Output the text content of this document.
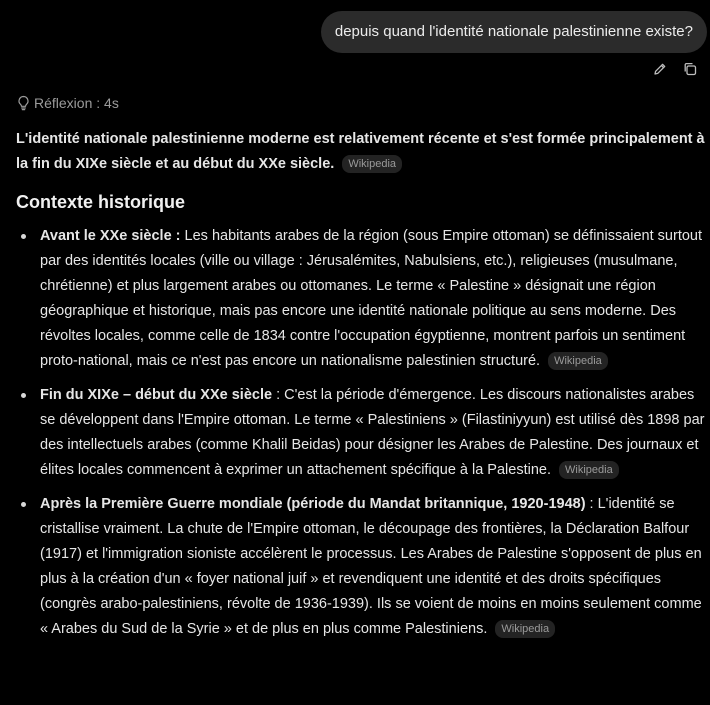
depuis quand l'identité nationale palestinienne existe?
Réflexion : 4s

L'identité nationale palestinienne moderne est relativement récente et s'est formée principalement à la fin du XIXe siècle et au début du XXe siècle. Wikipedia

Contexte historique
Avant le XXe siècle : Les habitants arabes de la région (sous Empire ottoman) se définissaient surtout par des identités locales (ville ou village : Jérusalémites, Nabulsiens, etc.), religieuses (musulmane, chrétienne) et plus largement arabes ou ottomanes. Le terme « Palestine » désignait une région géographique et historique, mais pas encore une identité nationale politique au sens moderne. Des révoltes locales, comme celle de 1834 contre l'occupation égyptienne, montrent parfois un sentiment proto-national, mais ce n'est pas encore un nationalisme palestinien structuré. Wikipedia
Fin du XIXe – début du XXe siècle : C'est la période d'émergence. Les discours nationalistes arabes se développent dans l'Empire ottoman. Le terme « Palestiniens » (Filastiniyyun) est utilisé dès 1898 par des intellectuels arabes (comme Khalil Beidas) pour désigner les Arabes de Palestine. Des journaux et élites locales commencent à exprimer un attachement spécifique à la Palestine. Wikipedia
Après la Première Guerre mondiale (période du Mandat britannique, 1920-1948) : L'identité se cristallise vraiment. La chute de l'Empire ottoman, le découpage des frontières, la Déclaration Balfour (1917) et l'immigration sioniste accélèrent le processus. Les Arabes de Palestine s'opposent de plus en plus à la création d'un « foyer national juif » et revendiquent une identité et des droits spécifiques (congrès arabo-palestiniens, révolte de 1936-1939). Ils se voient de moins en moins seulement comme « Arabes du Sud de la Syrie » et de plus en plus comme Palestiniens. Wikipedia
